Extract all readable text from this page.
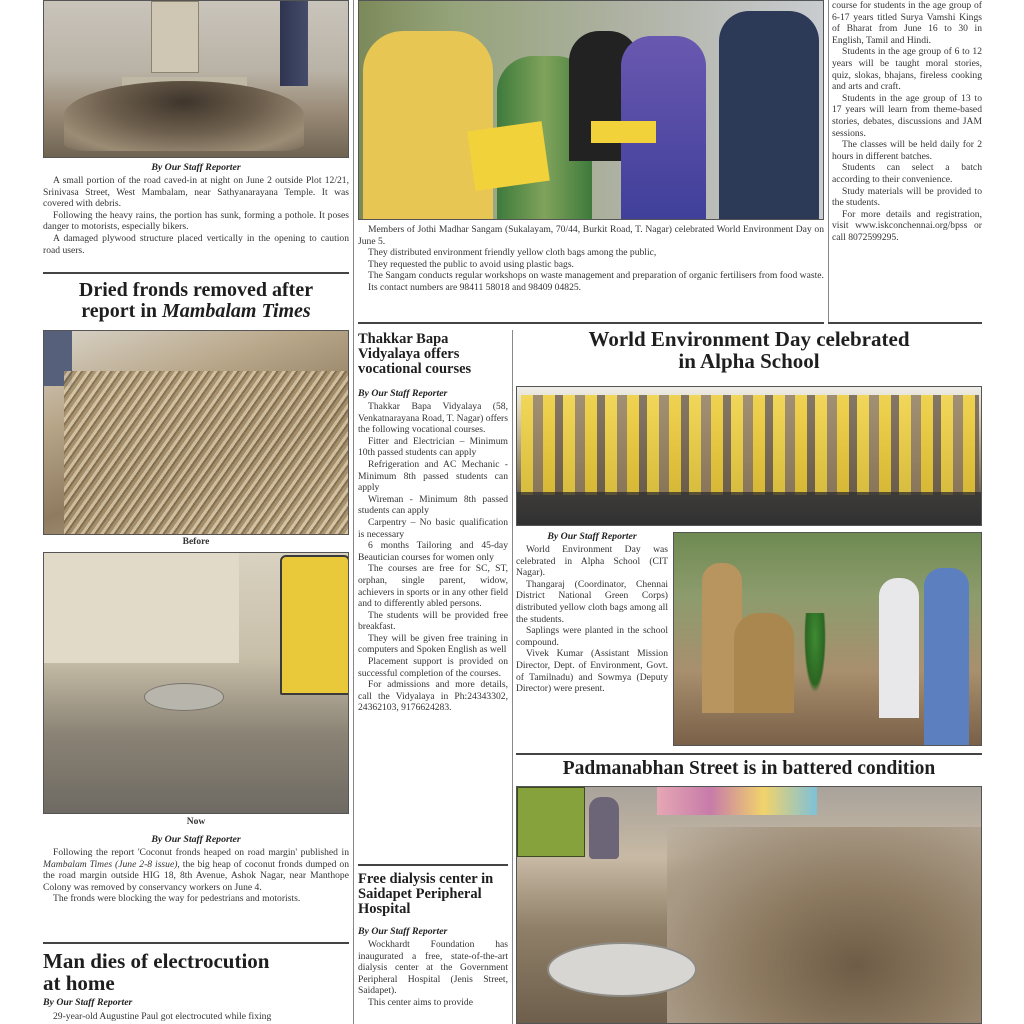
By Our Staff Reporter

A small portion of the road caved-in at night on June 2 outside Plot 12/21, Srinivasa Street, West Mambalam, near Sathyanarayana Temple. It was covered with debris.

Following the heavy rains, the portion has sunk, forming a pothole. It poses danger to motorists, especially bikers.

A damaged plywood structure placed vertically in the opening to caution road users.

Dried fronds removed after
report in Mambalam Times
Before
Now
By Our Staff Reporter

Following the report 'Coconut fronds heaped on road margin' published in Mambalam Times (June 2-8 issue), the big heap of coconut fronds dumped on the road margin outside HIG 18, 8th Avenue, Ashok Nagar, near Manthope Colony was removed by conservancy workers on June 4.

The fronds were blocking the way for pedestrians and motorists.

Man dies of electrocution
at home
By Our Staff Reporter

29-year-old Augustine Paul got electrocuted while fixing

Members of Jothi Madhar Sangam (Sukalayam, 70/44, Burkit Road, T. Nagar) celebrated World Environment Day on June 5.

They distributed environment friendly yellow cloth bags among the public,

They requested the public to avoid using plastic bags.

The Sangam conducts regular workshops on waste management and preparation of organic fertilisers from food waste.

Its contact numbers are 98411 58018 and 98409 04825.

course for students in the age group of 6-17 years titled Surya Vamshi Kings of Bharat from June 16 to 30 in English, Tamil and Hindi.

Students in the age group of 6 to 12 years will be taught moral stories, quiz, slokas, bhajans, fireless cooking and arts and craft.

Students in the age group of 13 to 17 years will learn from theme-based stories, debates, discussions and JAM sessions.

The classes will be held daily for 2 hours in different batches.

Students can select a batch according to their convenience.

Study materials will be provided to the students.

For more details and registration, visit www.iskconchennai.org/bpss or call 8072599295.

Thakkar Bapa
Vidyalaya offers
vocational courses
By Our Staff Reporter

Thakkar Bapa Vidyalaya (58, Venkatnarayana Road, T. Nagar) offers the following vocational courses.

Fitter and Electrician – Minimum 10th passed students can apply

Refrigeration and AC Mechanic - Minimum 8th passed students can apply

Wireman - Minimum 8th passed students can apply

Carpentry – No basic qualification is necessary

6 months Tailoring and 45-day Beautician courses for women only

The courses are free for SC, ST, orphan, single parent, widow, achievers in sports or in any other field and to differently abled persons.

The students will be provided free breakfast.

They will be given free training in computers and Spoken English as well

Placement support is provided on successful completion of the courses.

For admissions and more details, call the Vidyalaya in Ph:24343302, 24362103, 9176624283.

Free dialysis center in
Saidapet Peripheral
Hospital
By Our Staff Reporter

Wockhardt Foundation has inaugurated a free, state-of-the-art dialysis center at the Government Peripheral Hospital (Jenis Street, Saidapet).

This center aims to provide

World Environment Day celebrated
in Alpha School
By Our Staff Reporter

World Environment Day was celebrated in Alpha School (CIT Nagar).

Thangaraj (Coordinator, Chennai District National Green Corps) distributed yellow cloth bags among all the students.

Saplings were planted in the school compound.

Vivek Kumar (Assistant Mission Director, Dept. of Environment, Govt. of Tamilnadu) and Sowmya (Deputy Director) were present.

Padmanabhan Street is in battered condition
